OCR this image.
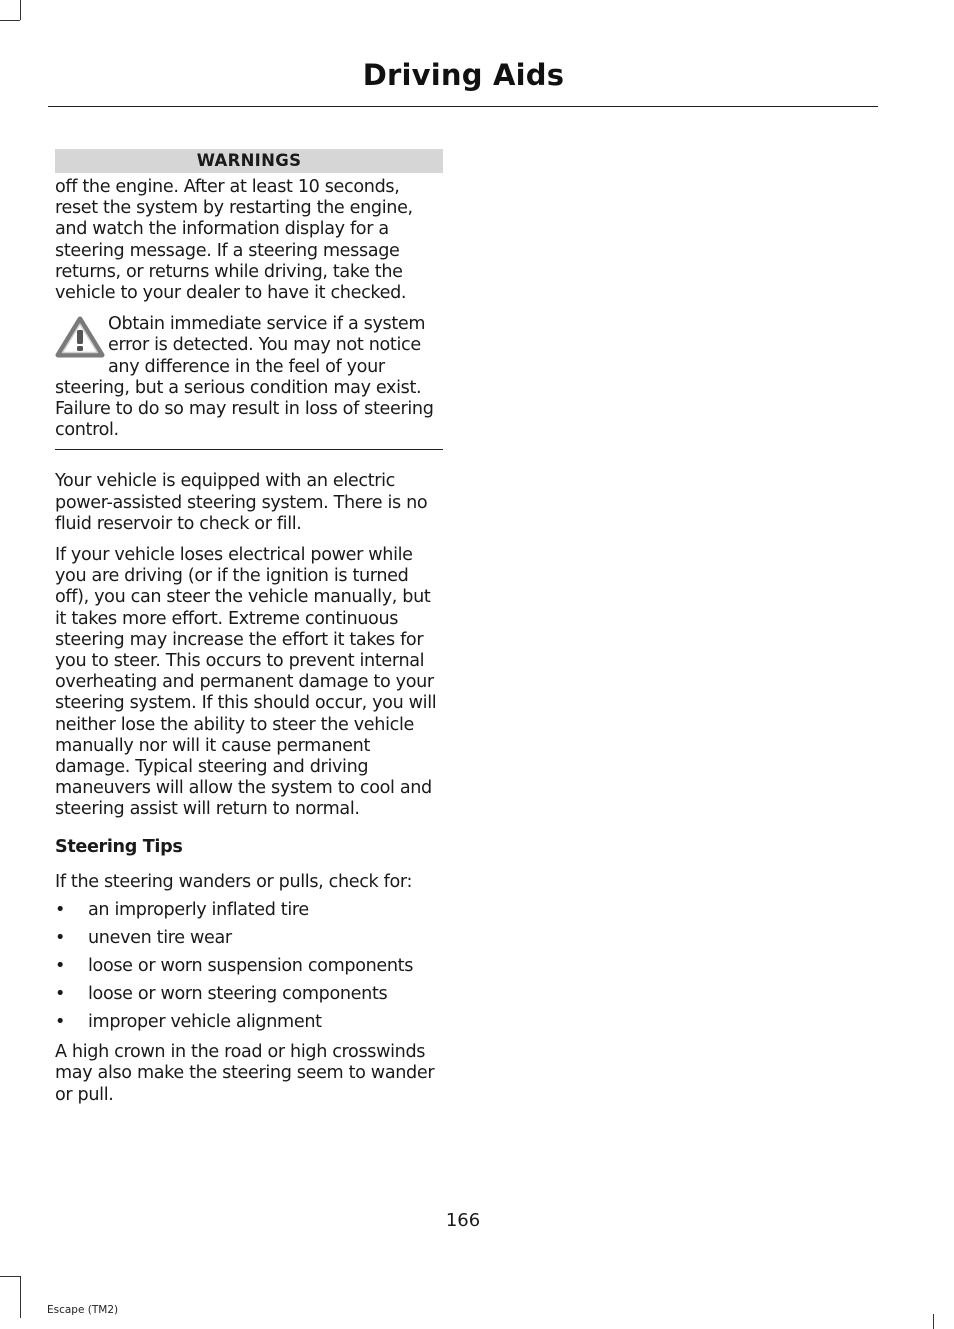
Driving Aids
WARNINGS

off the engine. After at least 10 seconds, reset the system by restarting the engine, and watch the information display for a steering message. If a steering message returns, or returns while driving, take the vehicle to your dealer to have it checked.

Obtain immediate service if a system error is detected. You may not notice any difference in the feel of your steering, but a serious condition may exist. Failure to do so may result in loss of steering control.

Your vehicle is equipped with an electric power-assisted steering system. There is no fluid reservoir to check or fill.

If your vehicle loses electrical power while you are driving (or if the ignition is turned off), you can steer the vehicle manually, but it takes more effort. Extreme continuous steering may increase the effort it takes for you to steer. This occurs to prevent internal overheating and permanent damage to your steering system. If this should occur, you will neither lose the ability to steer the vehicle manually nor will it cause permanent damage. Typical steering and driving maneuvers will allow the system to cool and steering assist will return to normal.

Steering Tips

If the steering wanders or pulls, check for:

• an improperly inflated tire
• uneven tire wear
• loose or worn suspension components
• loose or worn steering components
• improper vehicle alignment

A high crown in the road or high crosswinds may also make the steering seem to wander or pull.

166
Escape (TM2)
